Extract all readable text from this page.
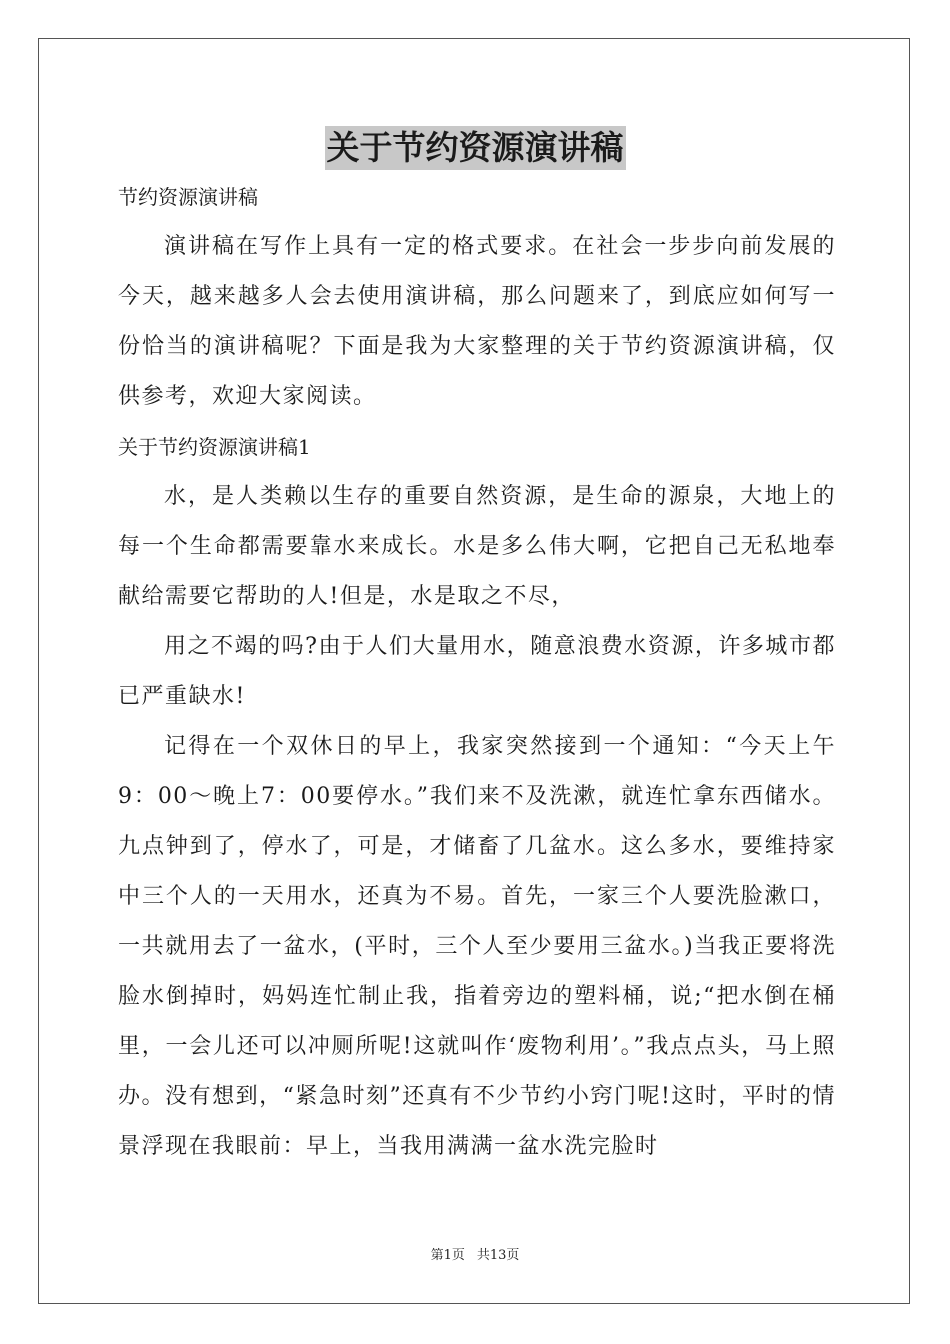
关于节约资源演讲稿

节约资源演讲稿

演讲稿在写作上具有一定的格式要求。在社会一步步向前发展的今天，越来越多人会去使用演讲稿，那么问题来了，到底应如何写一份恰当的演讲稿呢？下面是我为大家整理的关于节约资源演讲稿，仅供参考，欢迎大家阅读。

关于节约资源演讲稿1

水，是人类赖以生存的重要自然资源，是生命的源泉，大地上的每一个生命都需要靠水来成长。水是多么伟大啊，它把自己无私地奉献给需要它帮助的人!但是，水是取之不尽，

用之不竭的吗?由于人们大量用水，随意浪费水资源，许多城市都已严重缺水!

记得在一个双休日的早上，我家突然接到一个通知：“今天上午9：00～晚上7：00要停水。”我们来不及洗漱，就连忙拿东西储水。九点钟到了，停水了，可是，才储畜了几盆水。这么多水，要维持家中三个人的一天用水，还真为不易。首先，一家三个人要洗脸漱口，一共就用去了一盆水，(平时，三个人至少要用三盆水。)当我正要将洗脸水倒掉时，妈妈连忙制止我，指着旁边的塑料桶，说;“把水倒在桶里，一会儿还可以冲厕所呢!这就叫作‘废物利用’。”我点点头，马上照办。没有想到，“紧急时刻”还真有不少节约小窍门呢!这时，平时的情景浮现在我眼前：早上，当我用满满一盆水洗完脸时

第1页 共13页
